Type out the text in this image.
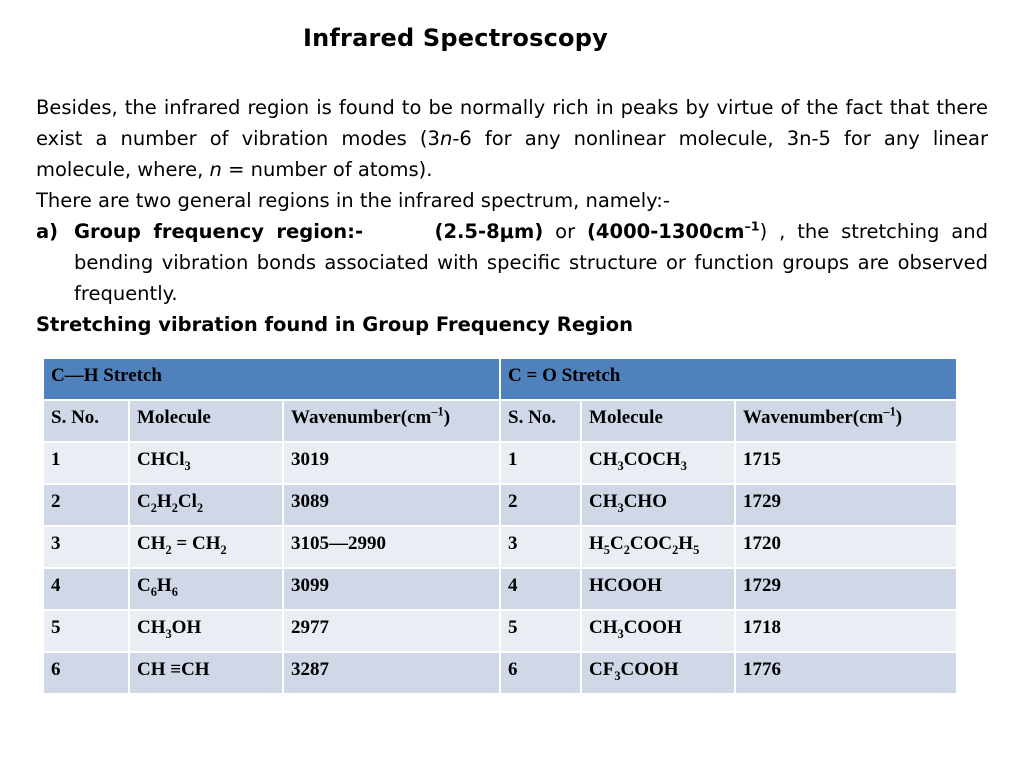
Infrared Spectroscopy

Besides, the infrared region is found to be normally rich in peaks by virtue of the fact that there exist a number of vibration modes (3n-6 for any nonlinear molecule, 3n-5 for any linear molecule, where, n = number of atoms).

There are two general regions in the infrared spectrum, namely:-

a) Group frequency region:-	(2.5-8μm) or $(4000-1300cm^{-1})$ , the stretching and bending vibration bonds associated with specific structure or function groups are observed frequently.

Stretching vibration found in Group Frequency Region

C—H Stretch			C = O Stretch		
S. No.	Molecule	$Wavenumber(cm^{-1})$	S. No.	Molecule	$Wavenumber(cm^{-1})$
1	CHCl$_3$	3019	1	$CH_3COCH_3$	1715
2	$C_2H_2Cl_2$	3089	2	$CH_3CHO$	1729
3	$CH_2 = CH_2$	3105—2990	3	$H_5C_2COC_2H_5$	1720
4	$C_6H_6$	3099	4	HCOOH	1729
5	$CH_3OH$	2977	5	$CH_3COOH$	1718
6	CH ≡CH	3287	6	$CF_3COOH$	1776
